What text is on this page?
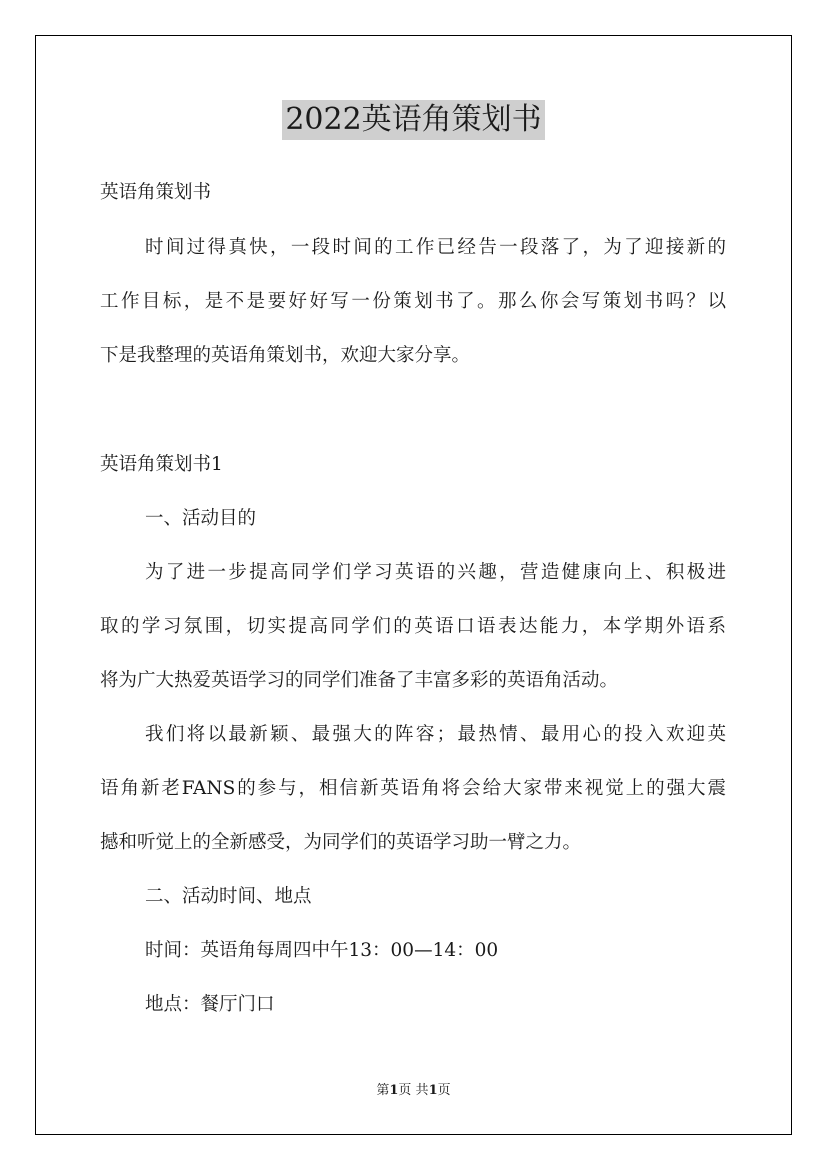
2022英语角策划书
英语角策划书
时间过得真快，一段时间的工作已经告一段落了，为了迎接新的
工作目标，是不是要好好写一份策划书了。那么你会写策划书吗？以
下是我整理的英语角策划书，欢迎大家分享。
英语角策划书1
一、活动目的
为了进一步提高同学们学习英语的兴趣，营造健康向上、积极进
取的学习氛围，切实提高同学们的英语口语表达能力，本学期外语系
将为广大热爱英语学习的同学们准备了丰富多彩的英语角活动。
我们将以最新颖、最强大的阵容；最热情、最用心的投入欢迎英
语角新老FANS的参与，相信新英语角将会给大家带来视觉上的强大震
撼和听觉上的全新感受，为同学们的英语学习助一臂之力。
二、活动时间、地点
时间：英语角每周四中午13：00—14：00
地点：餐厅门口
第1页 共1页
